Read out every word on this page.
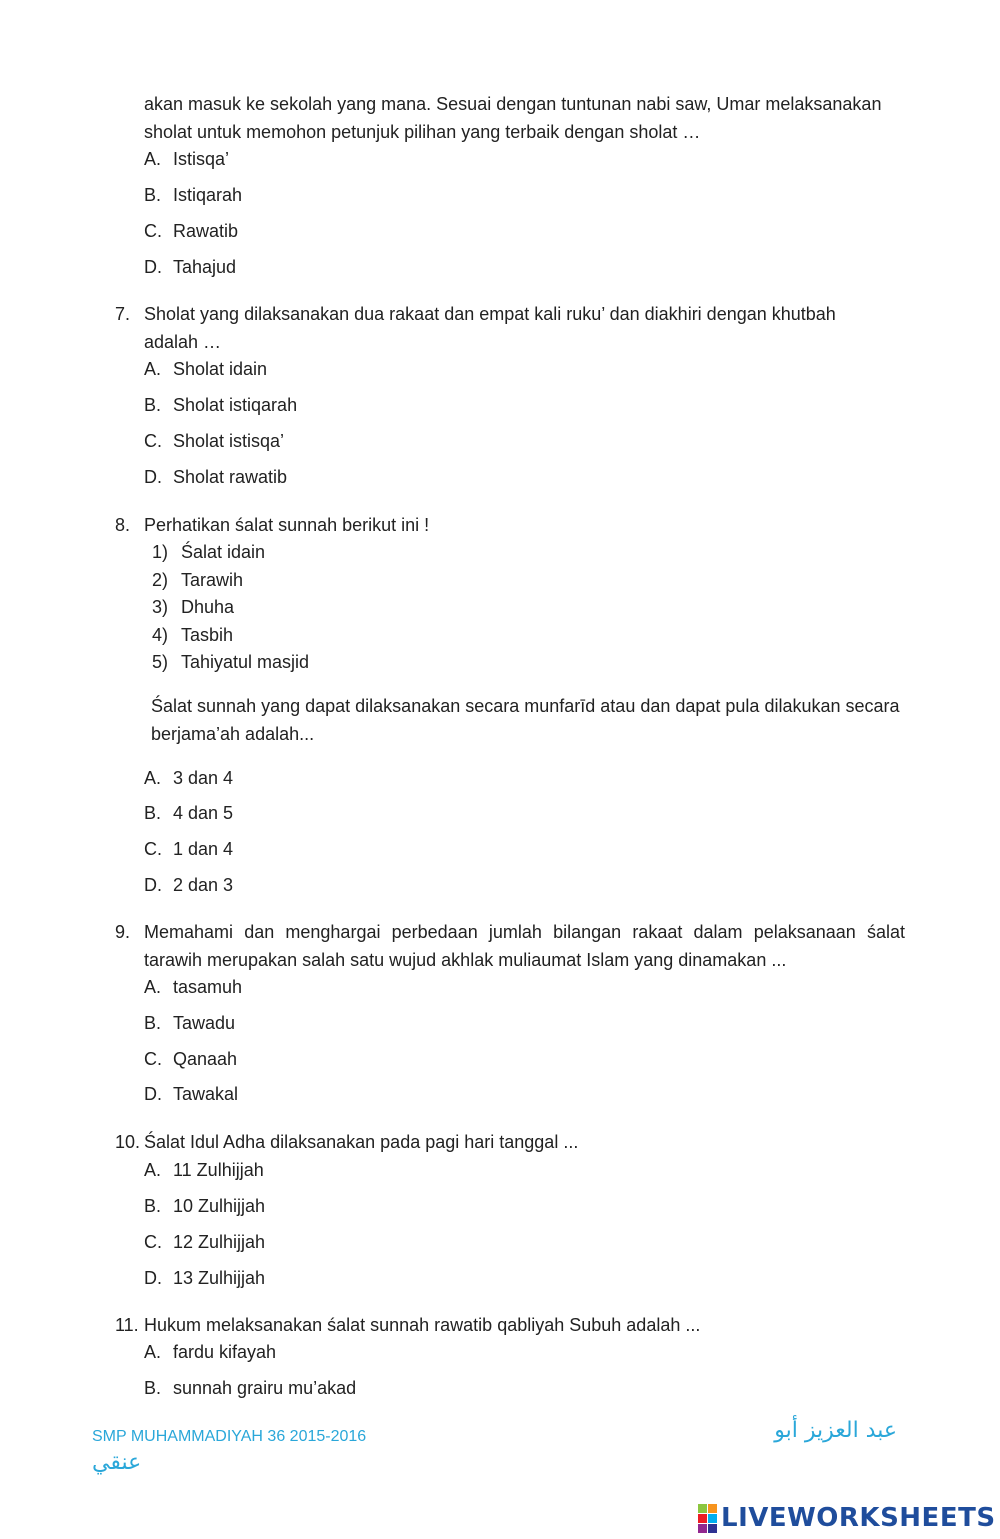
akan masuk ke sekolah yang mana. Sesuai dengan tuntunan nabi saw, Umar melaksanakan
sholat untuk memohon petunjuk pilihan yang terbaik dengan sholat …
A. Istisqa’
B. Istiqarah
C. Rawatib
D. Tahajud
7. Sholat yang dilaksanakan dua rakaat dan empat kali ruku’ dan diakhiri dengan khutbah adalah …
A. Sholat idain
B. Sholat istiqarah
C. Sholat istisqa’
D. Sholat rawatib
8. Perhatikan śalat sunnah berikut ini !
1) Śalat idain
2) Tarawih
3) Dhuha
4) Tasbih
5) Tahiyatul masjid
Śalat sunnah yang dapat dilaksanakan secara munfarīd atau dan dapat pula dilakukan secara berjama’ah adalah...
A. 3 dan 4
B. 4 dan 5
C. 1 dan 4
D. 2 dan 3
9. Memahami dan menghargai perbedaan jumlah bilangan rakaat dalam pelaksanaan śalat tarawih merupakan salah satu wujud akhlak muliaumat Islam yang dinamakan ...
A. tasamuh
B. Tawadu
C. Qanaah
D. Tawakal
10. Śalat Idul Adha dilaksanakan pada pagi hari tanggal ...
A. 11 Zulhijjah
B. 10 Zulhijjah
C. 12 Zulhijjah
D. 13 Zulhijjah
11. Hukum melaksanakan śalat sunnah rawatib qabliyah Subuh adalah ...
A. fardu kifayah
B. sunnah grairu mu’akad
SMP MUHAMMADIYAH 36 2015-2016	عبد العزيز أبو
عنقي
LIVEWORKSHEETS
